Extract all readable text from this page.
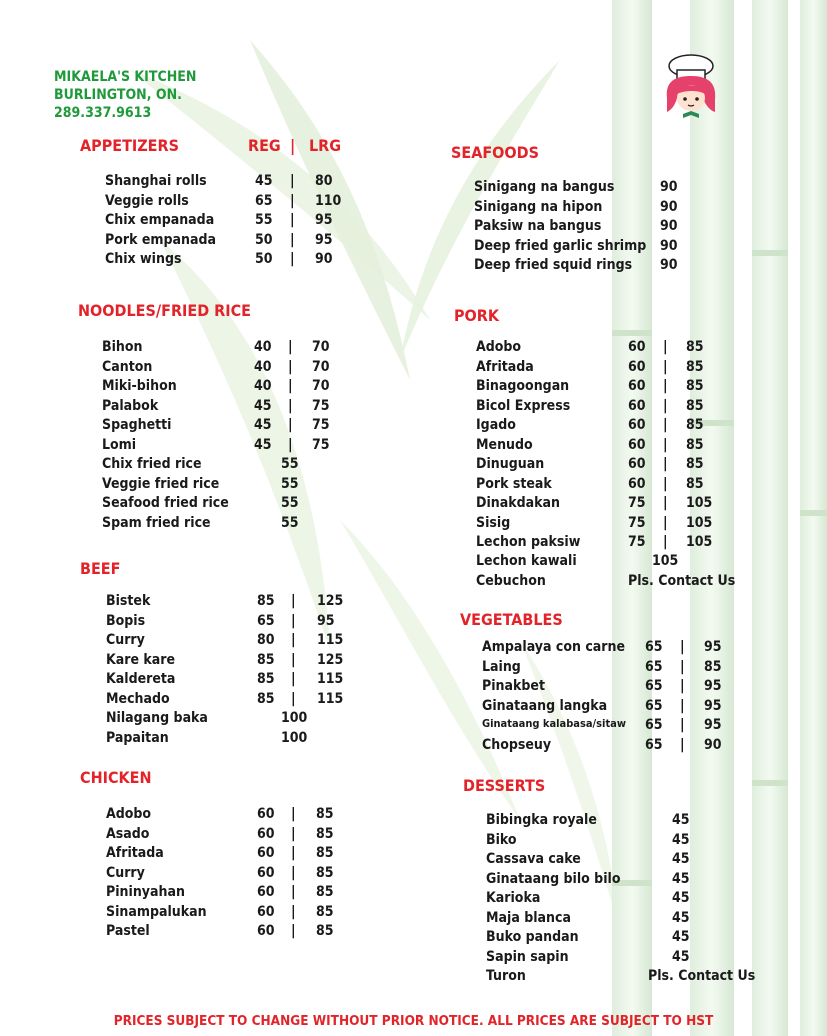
MIKAELA'S KITCHEN
BURLINGTON, ON.
289.337.9613
APPETIZERS	REG | LRG
Shanghai rolls	45 | 80
Veggie rolls	65 | 110
Chix empanada	55 | 95
Pork empanada	50 | 95
Chix wings	50 | 90
NOODLES/FRIED RICE
Bihon	40 | 70
Canton	40 | 70
Miki-bihon	40 | 70
Palabok	45 | 75
Spaghetti	45 | 75
Lomi	45 | 75
Chix fried rice	55
Veggie fried rice	55
Seafood fried rice	55
Spam fried rice	55
BEEF
Bistek	85 | 125
Bopis	65 | 95
Curry	80 | 115
Kare kare	85 | 125
Kaldereta	85 | 115
Mechado	85 | 115
Nilagang baka	100
Papaitan	100
CHICKEN
Adobo	60 | 85
Asado	60 | 85
Afritada	60 | 85
Curry	60 | 85
Pininyahan	60 | 85
Sinampalukan	60 | 85
Pastel	60 | 85
SEAFOODS
Sinigang na bangus	90
Sinigang na hipon	90
Paksiw na bangus	90
Deep fried garlic shrimp 90
Deep fried squid rings 90
PORK
Adobo	60 | 85
Afritada	60 | 85
Binagoongan	60 | 85
Bicol Express	60 | 85
Igado	60 | 85
Menudo	60 | 85
Dinuguan	60 | 85
Pork steak	60 | 85
Dinakdakan	75 | 105
Sisig	75 | 105
Lechon paksiw	75 | 105
Lechon kawali	105
Cebuchon	Pls. Contact Us
VEGETABLES
Ampalaya con carne 65 | 95
Laing	65 | 85
Pinakbet	65 | 95
Ginataang langka	65 | 95
Ginataang kalabasa/sitaw 65 | 95
Chopseuy	65 | 90
DESSERTS
Bibingka royale	45
Biko	45
Cassava cake	45
Ginataang bilo bilo	45
Karioka	45
Maja blanca	45
Buko pandan	45
Sapin sapin	45
Turon	Pls. Contact Us
PRICES SUBJECT TO CHANGE WITHOUT PRIOR NOTICE. ALL PRICES ARE SUBJECT TO HST
